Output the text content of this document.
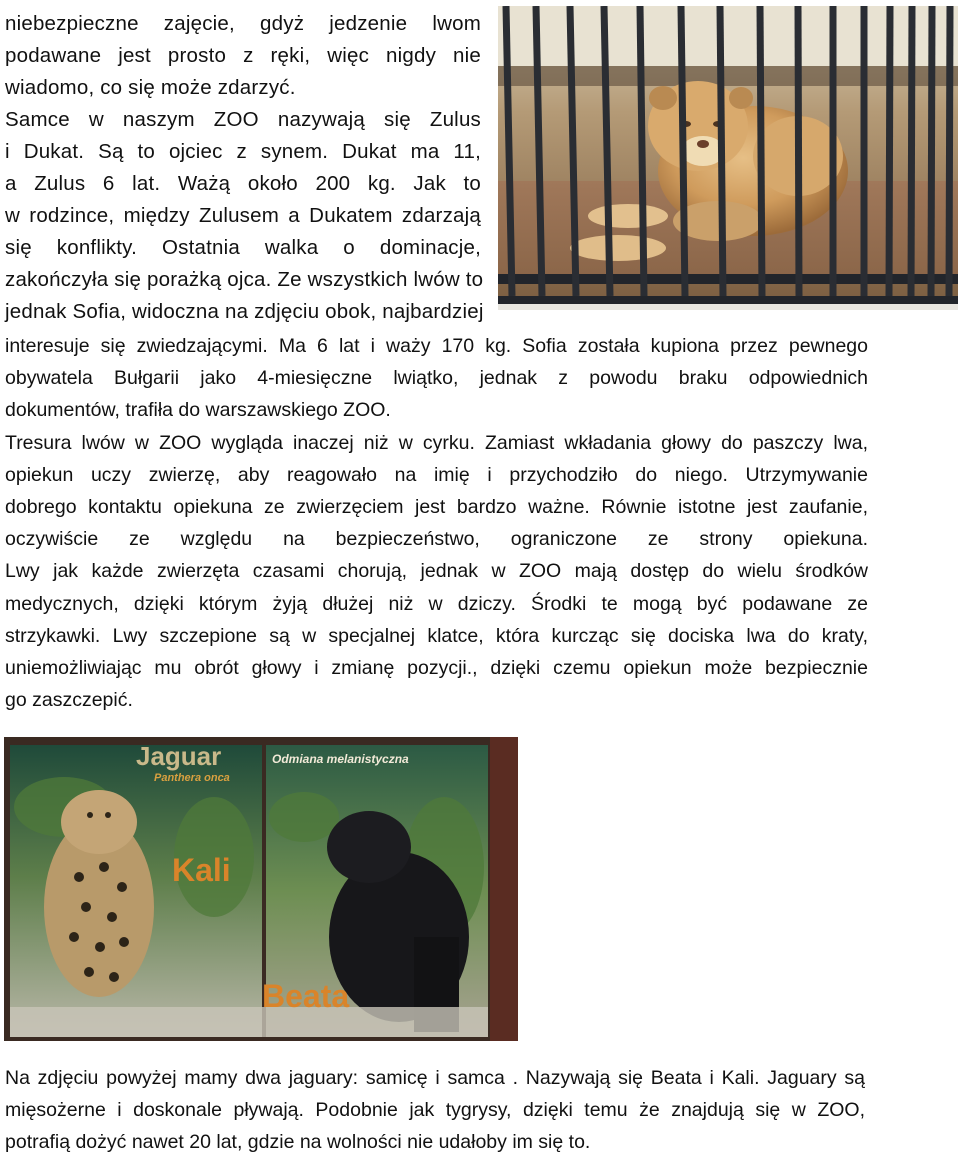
niebezpieczne zajęcie, gdyż jedzenie lwom
podawane jest prosto z ręki, więc nigdy nie
wiadomo, co się może zdarzyć.
Samce w naszym ZOO nazywają się Zulus
i Dukat. Są to ojciec z synem. Dukat ma 11,
a Zulus 6 lat. Ważą około 200 kg. Jak to
w rodzince, między Zulusem a Dukatem zdarzają
się konflikty. Ostatnia walka o dominacje,
zakończyła się porażką ojca. Ze wszystkich lwów to
jednak Sofia, widoczna na zdjęciu obok, najbardziej
interesuje się zwiedzającymi. Ma 6 lat i waży 170 kg. Sofia została kupiona przez pewnego
obywatela Bułgarii jako 4-miesięczne lwiątko, jednak z powodu braku odpowiednich
dokumentów, trafiła do warszawskiego ZOO.
Tresura lwów w ZOO wygląda inaczej niż w cyrku. Zamiast wkładania głowy do paszczy lwa,
opiekun uczy zwierzę, aby reagowało na imię i przychodziło do niego. Utrzymywanie
dobrego kontaktu opiekuna ze zwierzęciem jest bardzo ważne. Równie istotne jest zaufanie,
oczywiście ze względu na bezpieczeństwo, ograniczone ze strony opiekuna.
Lwy jak każde zwierzęta czasami chorują, jednak w ZOO mają dostęp do wielu środków
medycznych, dzięki którym żyją dłużej niż w dziczy. Środki te mogą być podawane ze
strzykawki. Lwy szczepione są w specjalnej klatce, która kurcząc się dociska lwa do kraty,
uniemożliwiając mu obrót głowy i zmianę pozycji., dzięki czemu opiekun może bezpiecznie
go zaszczepić.
Jaguar
Panthera onca
Odmiana melanistyczna
Kali
Beata
Na zdjęciu powyżej mamy dwa jaguary: samicę i samca . Nazywają się Beata i Kali. Jaguary są
mięsożerne i doskonale pływają. Podobnie jak tygrysy, dzięki temu że znajdują się w ZOO,
potrafią dożyć nawet 20 lat, gdzie na wolności nie udałoby im się to.
